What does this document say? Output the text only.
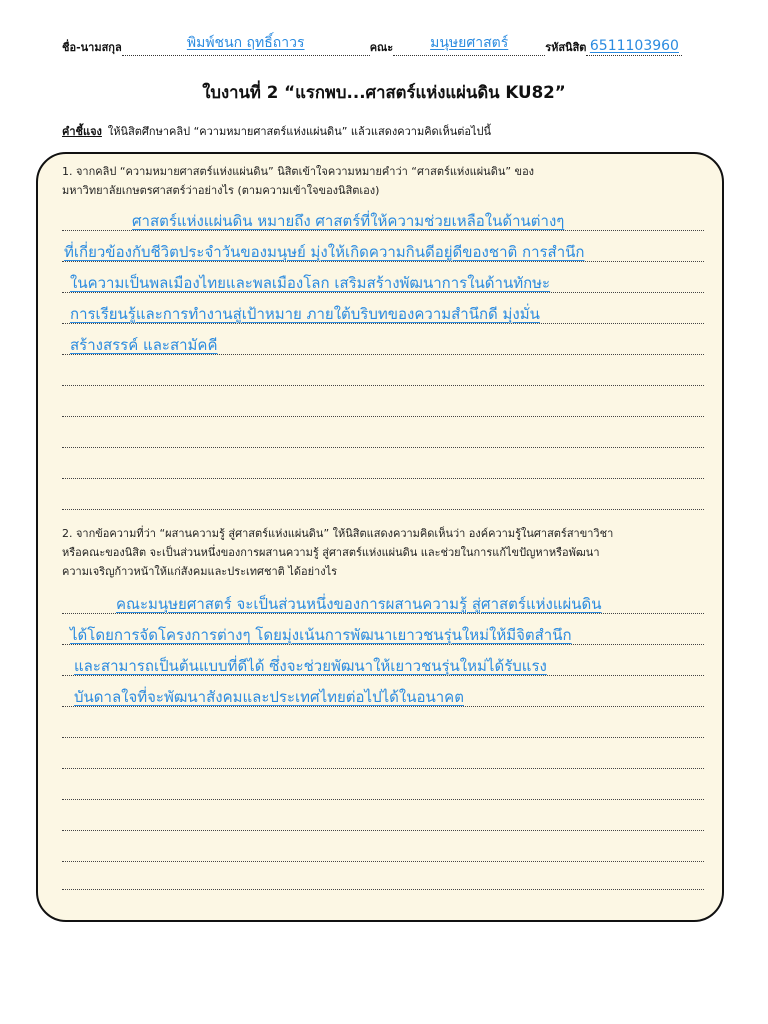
ชื่อ-นามสกุล	พิมพ์ชนก ฤทธิ์ถาวร	คณะ	มนุษยศาสตร์	รหัสนิสิต 6511103960
ใบงานที่ 2 “แรกพบ...ศาสตร์แห่งแผ่นดิน KU82”
คำชี้แจง ให้นิสิตศึกษาคลิป “ความหมายศาสตร์แห่งแผ่นดิน” แล้วแสดงความคิดเห็นต่อไปนี้
1. จากคลิป “ความหมายศาสตร์แห่งแผ่นดิน” นิสิตเข้าใจความหมายคำว่า “ศาสตร์แห่งแผ่นดิน” ของ
มหาวิทยาลัยเกษตรศาสตร์ว่าอย่างไร (ตามความเข้าใจของนิสิตเอง)
ศาสตร์แห่งแผ่นดิน หมายถึง ศาสตร์ที่ให้ความช่วยเหลือในด้านต่างๆ
ที่เกี่ยวข้องกับชีวิตประจำวันของมนุษย์ มุ่งให้เกิดความกินดีอยู่ดีของชาติ การสำนึก
ในความเป็นพลเมืองไทยและพลเมืองโลก เสริมสร้างพัฒนาการในด้านทักษะ
การเรียนรู้และการทำงานสู่เป้าหมาย ภายใต้บริบทของความสำนึกดี มุ่งมั่น
สร้างสรรค์ และสามัคคี
2. จากข้อความที่ว่า “ผสานความรู้ สู่ศาสตร์แห่งแผ่นดิน” ให้นิสิตแสดงความคิดเห็นว่า องค์ความรู้ในศาสตร์สาขาวิชา
หรือคณะของนิสิต จะเป็นส่วนหนึ่งของการผสานความรู้ สู่ศาสตร์แห่งแผ่นดิน และช่วยในการแก้ไขปัญหาหรือพัฒนา
ความเจริญก้าวหน้าให้แก่สังคมและประเทศชาติ ได้อย่างไร
คณะมนุษยศาสตร์ จะเป็นส่วนหนึ่งของการผสานความรู้ สู่ศาสตร์แห่งแผ่นดิน
ได้โดยการจัดโครงการต่างๆ โดยมุ่งเน้นการพัฒนาเยาวชนรุ่นใหม่ให้มีจิตสำนึก
และสามารถเป็นต้นแบบที่ดีได้ ซึ่งจะช่วยพัฒนาให้เยาวชนรุ่นใหม่ได้รับแรง
บันดาลใจที่จะพัฒนาสังคมและประเทศไทยต่อไปได้ในอนาคต
